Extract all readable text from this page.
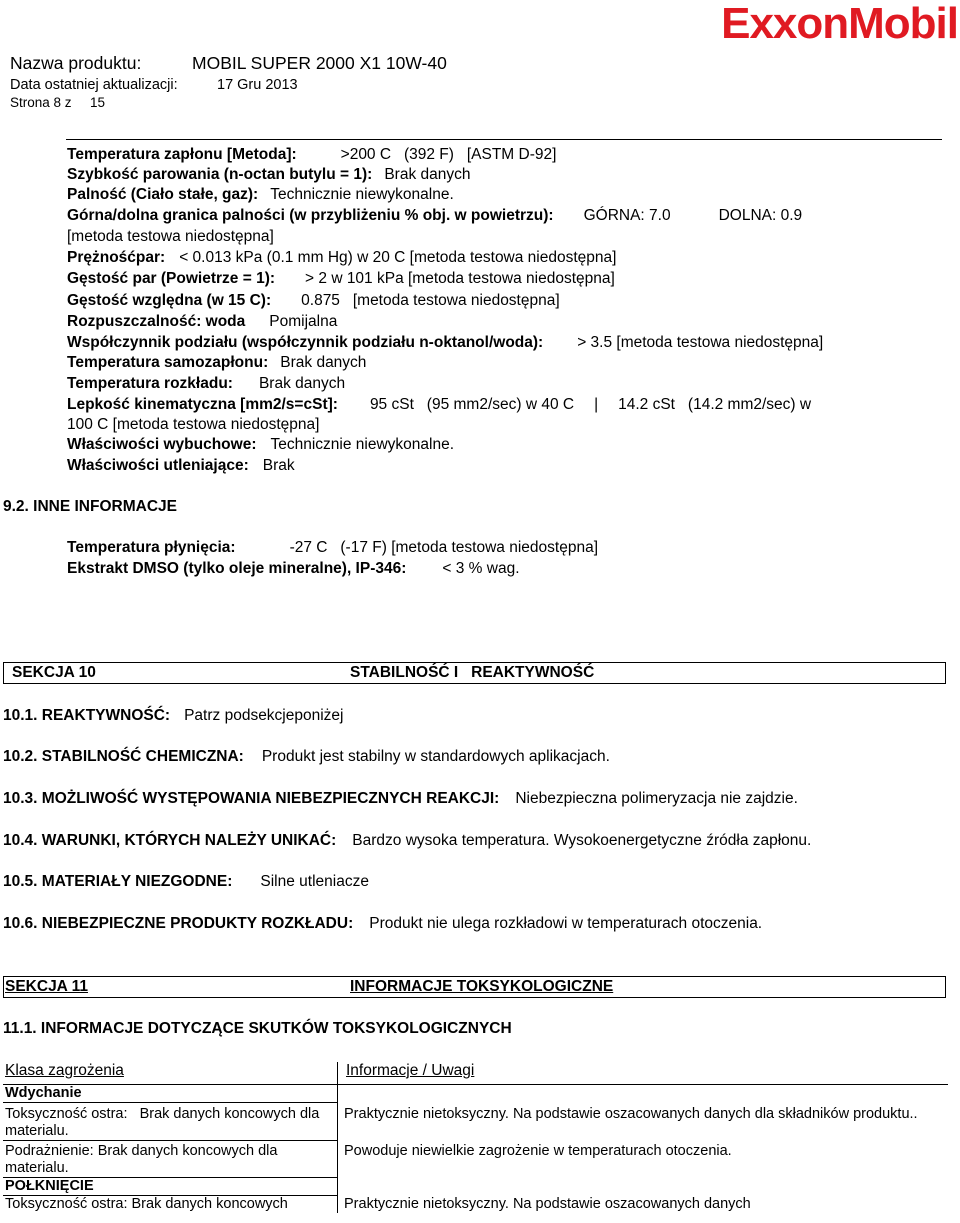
Nazwa produktu:	MOBIL SUPER 2000 X1 10W-40
Data ostatniej aktualizacji:	17 Gru 2013
Strona 8 z 15
ExxonMobil
Temperatura zapłonu [Metoda]:	>200 C   (392 F)   [ASTM D-92]
Szybkość parowania (n-octan butylu = 1): Brak danych
Palność (Ciało stałe, gaz): Technicznie niewykonalne.
Górna/dolna granica palności (w przybliżeniu % obj. w powietrzu): GÓRNA: 7.0	DOLNA: 0.9
[metoda testowa niedostępna]
Prężnośćpar: < 0.013 kPa (0.1 mm Hg) w 20 C [metoda testowa niedostępna]
Gęstość par (Powietrze = 1): > 2 w 101 kPa [metoda testowa niedostępna]
Gęstość względna (w 15 C): 0.875   [metoda testowa niedostępna]
Rozpuszczalność: woda Pomijalna
Współczynnik podziału (współczynnik podziału n-oktanol/woda): > 3.5 [metoda testowa niedostępna]
Temperatura samozapłonu: Brak danych
Temperatura rozkładu: Brak danych
Lepkość kinematyczna [mm2/s=cSt]: 95 cSt   (95 mm2/sec) w 40 C | 14.2 cSt   (14.2 mm2/sec) w
100 C [metoda testowa niedostępna]
Właściwości wybuchowe: Technicznie niewykonalne.
Właściwości utleniające: Brak
9.2. INNE INFORMACJE
Temperatura płynięcia:	-27 C   (-17 F) [metoda testowa niedostępna]
Ekstrakt DMSO (tylko oleje mineralne), IP-346: < 3 % wag.
SEKCJA 10	STABILNOŚĆ I   REAKTYWNOŚĆ
10.1. REAKTYWNOŚĆ: Patrz podsekcjeponiżej
10.2. STABILNOŚĆ CHEMICZNA: Produkt jest stabilny w standardowych aplikacjach.
10.3. MOŻLIWOŚĆ WYSTĘPOWANIA NIEBEZPIECZNYCH REAKCJI: Niebezpieczna polimeryzacja nie zajdzie.
10.4. WARUNKI, KTÓRYCH NALEŻY UNIKAĆ: Bardzo wysoka temperatura. Wysokoenergetyczne źródła zapłonu.
10.5. MATERIAŁY NIEZGODNE: Silne utleniacze
10.6. NIEBEZPIECZNE PRODUKTY ROZKŁADU: Produkt nie ulega rozkładowi w temperaturach otoczenia.
SEKCJA 11	INFORMACJE TOKSYKOLOGICZNE
11.1. INFORMACJE DOTYCZĄCE SKUTKÓW TOKSYKOLOGICZNYCH
Klasa zagrożenia	Informacje / Uwagi
Wdychanie	
Toksyczność ostra:   Brak danych koncowych dla materialu.	Praktycznie nietoksyczny. Na podstawie oszacowanych danych dla składników produktu..
Podrażnienie: Brak danych koncowych dla materialu.	Powoduje niewielkie zagrożenie w temperaturach otoczenia.
POŁKNIĘCIE	
Toksyczność ostra: Brak danych koncowych	Praktycznie nietoksyczny. Na podstawie oszacowanych danych
